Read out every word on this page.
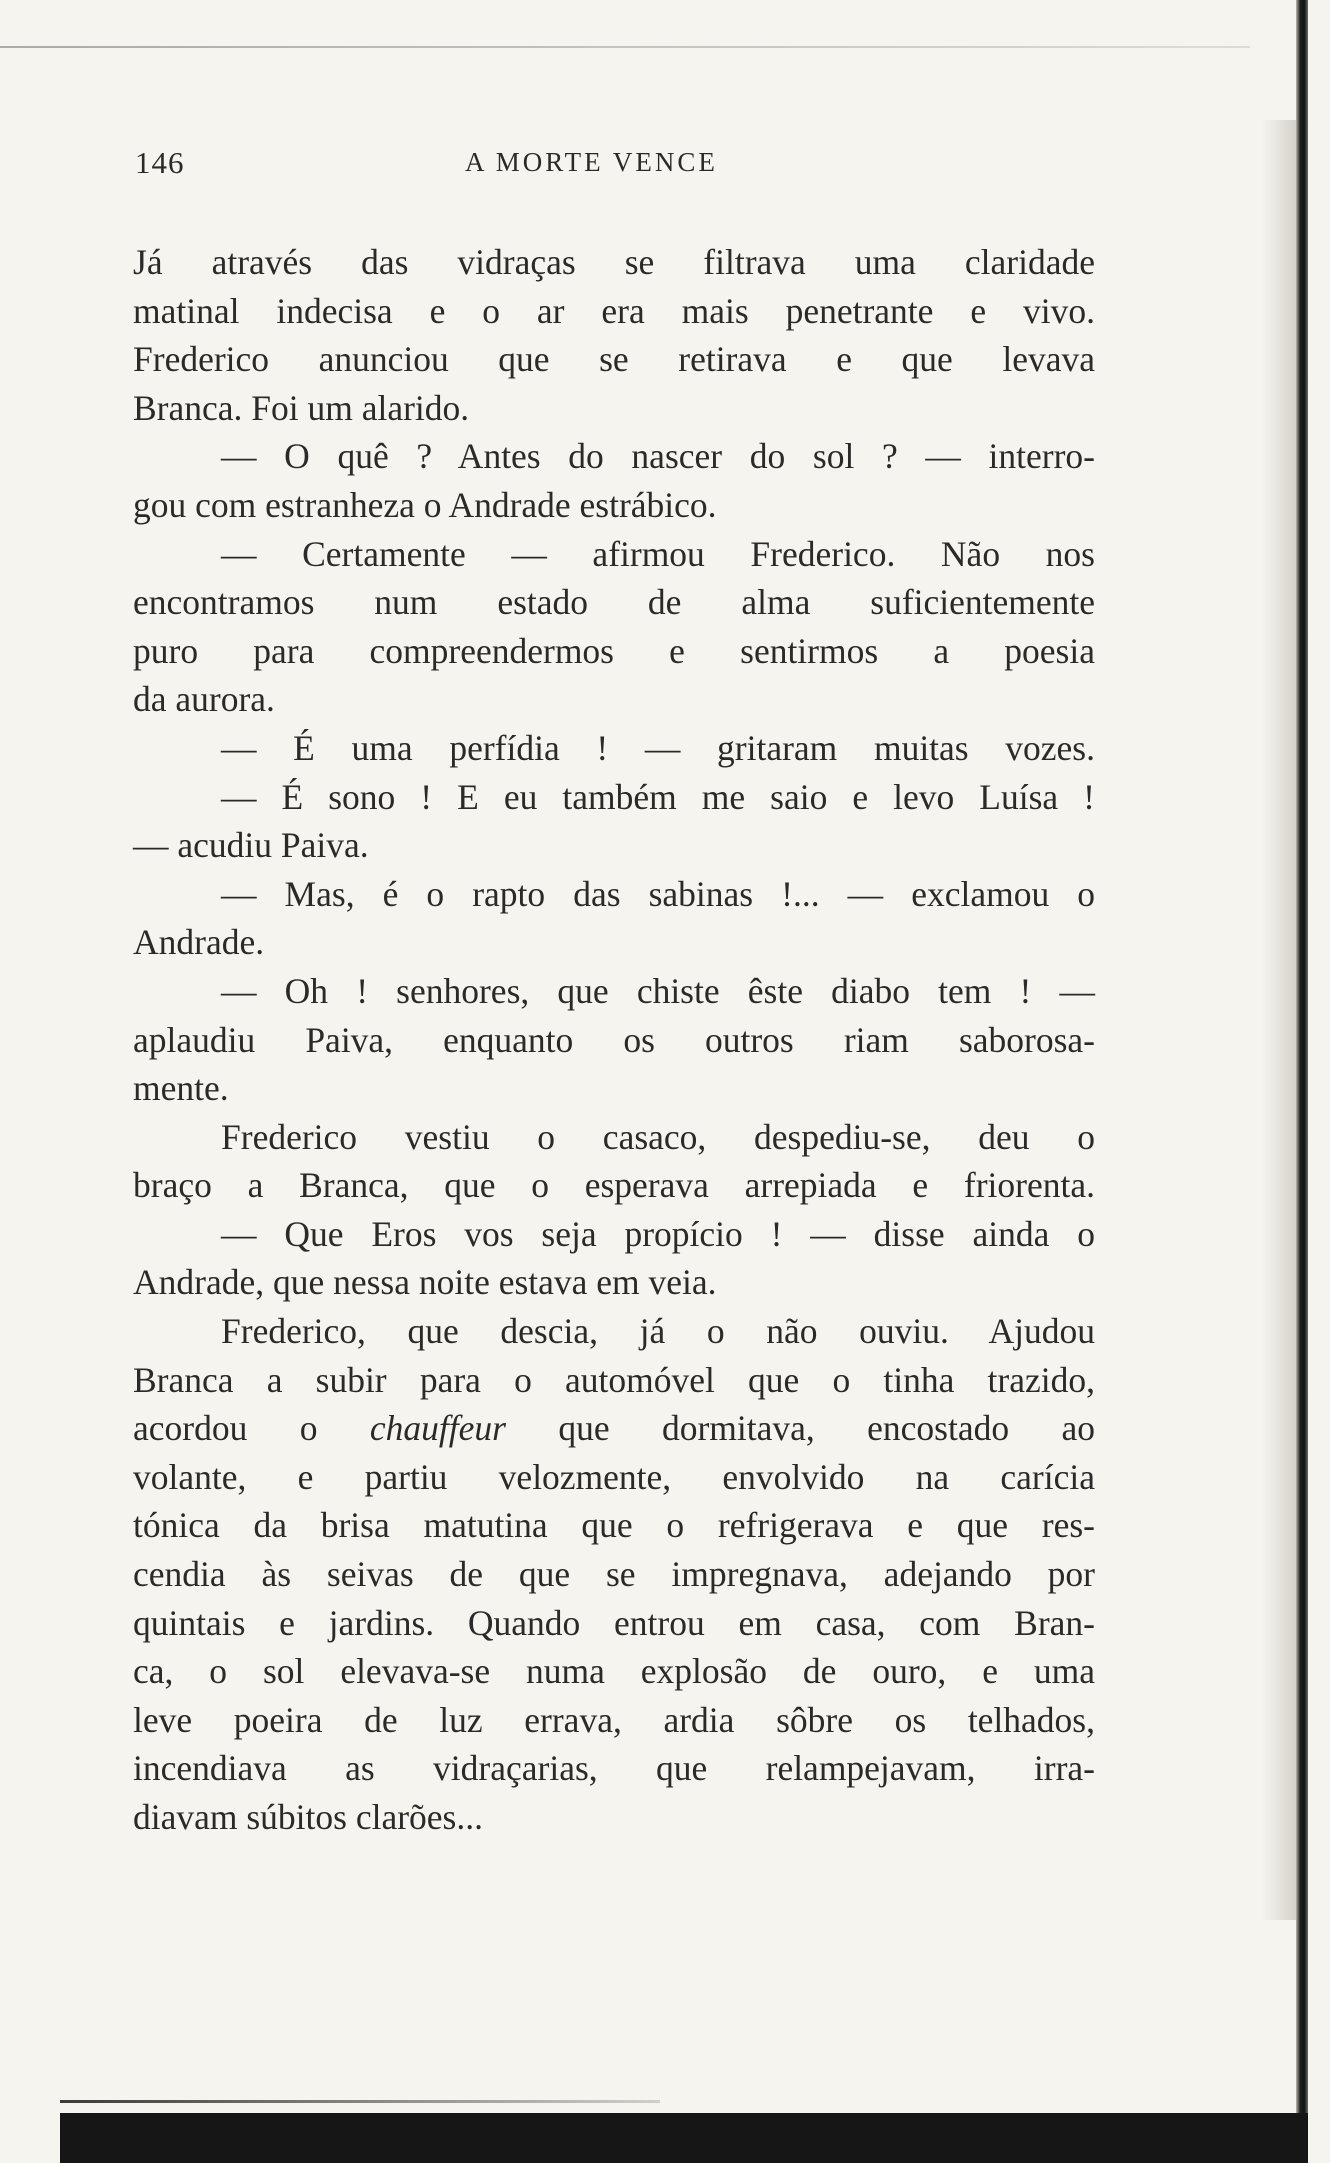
146	A MORTE VENCE
Já através das vidraças se filtrava uma claridade
matinal indecisa e o ar era mais penetrante e vivo.
Frederico anunciou que se retirava e que levava
Branca. Foi um alarido.
— O quê ? Antes do nascer do sol ? — interro-
gou com estranheza o Andrade estrábico.
— Certamente — afirmou Frederico. Não nos
encontramos num estado de alma suficientemente
puro para compreendermos e sentirmos a poesia
da aurora.
— É uma perfídia ! — gritaram muitas vozes.
— É sono ! E eu também me saio e levo Luísa !
— acudiu Paiva.
— Mas, é o rapto das sabinas !... — exclamou o
Andrade.
— Oh ! senhores, que chiste êste diabo tem ! —
aplaudiu Paiva, enquanto os outros riam saborosa-
mente.
Frederico vestiu o casaco, despediu-se, deu o
braço a Branca, que o esperava arrepiada e friorenta.
— Que Eros vos seja propício ! — disse ainda o
Andrade, que nessa noite estava em veia.
Frederico, que descia, já o não ouviu. Ajudou
Branca a subir para o automóvel que o tinha trazido,
acordou o chauffeur que dormitava, encostado ao
volante, e partiu velozmente, envolvido na carícia
tónica da brisa matutina que o refrigerava e que res-
cendia às seivas de que se impregnava, adejando por
quintais e jardins. Quando entrou em casa, com Bran-
ca, o sol elevava-se numa explosão de ouro, e uma
leve poeira de luz errava, ardia sôbre os telhados,
incendiava as vidraçarias, que relampejavam, irra-
diavam súbitos clarões...
